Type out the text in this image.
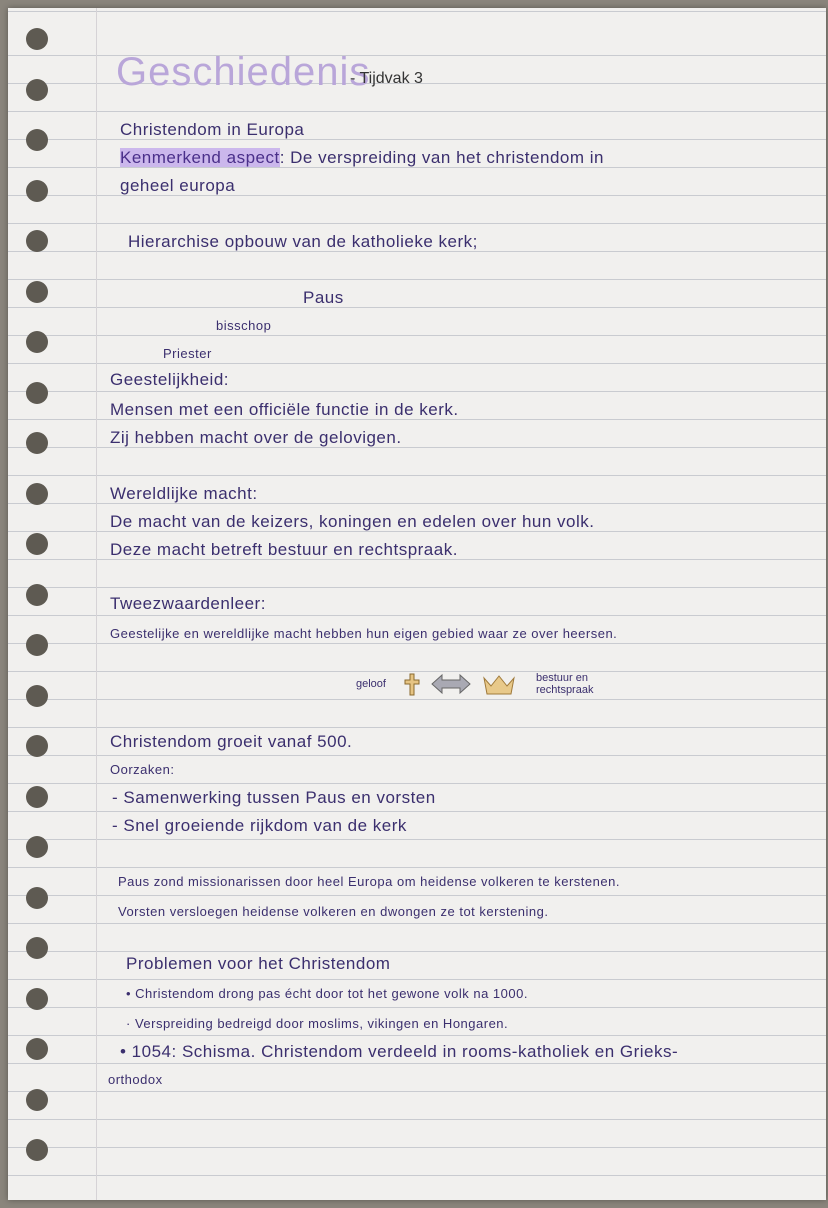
Geschiedenis
- Tijdvak 3
Christendom in Europa
Kenmerkend aspect: De verspreiding van het christendom in
geheel europa
Hierarchise opbouw van de katholieke kerk;
Paus
bisschop
Priester
Geestelijkheid:
Mensen met een officiële functie in de kerk.
Zij hebben macht over de gelovigen.
Wereldlijke macht:
De macht van de keizers, koningen en edelen over hun volk.
Deze macht betreft bestuur en rechtspraak.
Tweezwaardenleer:
Geestelijke en wereldlijke macht hebben hun eigen gebied waar ze over heersen.
geloof	bestuur en
rechtspraak
Christendom groeit vanaf 500.
Oorzaken:
- Samenwerking tussen Paus en vorsten
- Snel groeiende rijkdom van de kerk
Paus zond missionarissen door heel Europa om heidense volkeren te kerstenen.
Vorsten versloegen heidense volkeren en dwongen ze tot kerstening.
Problemen voor het Christendom
• Christendom drong pas écht door tot het gewone volk na 1000.
· Verspreiding bedreigd door moslims, vikingen en Hongaren.
• 1054: Schisma. Christendom verdeeld in rooms-katholiek en Grieks-
orthodox
